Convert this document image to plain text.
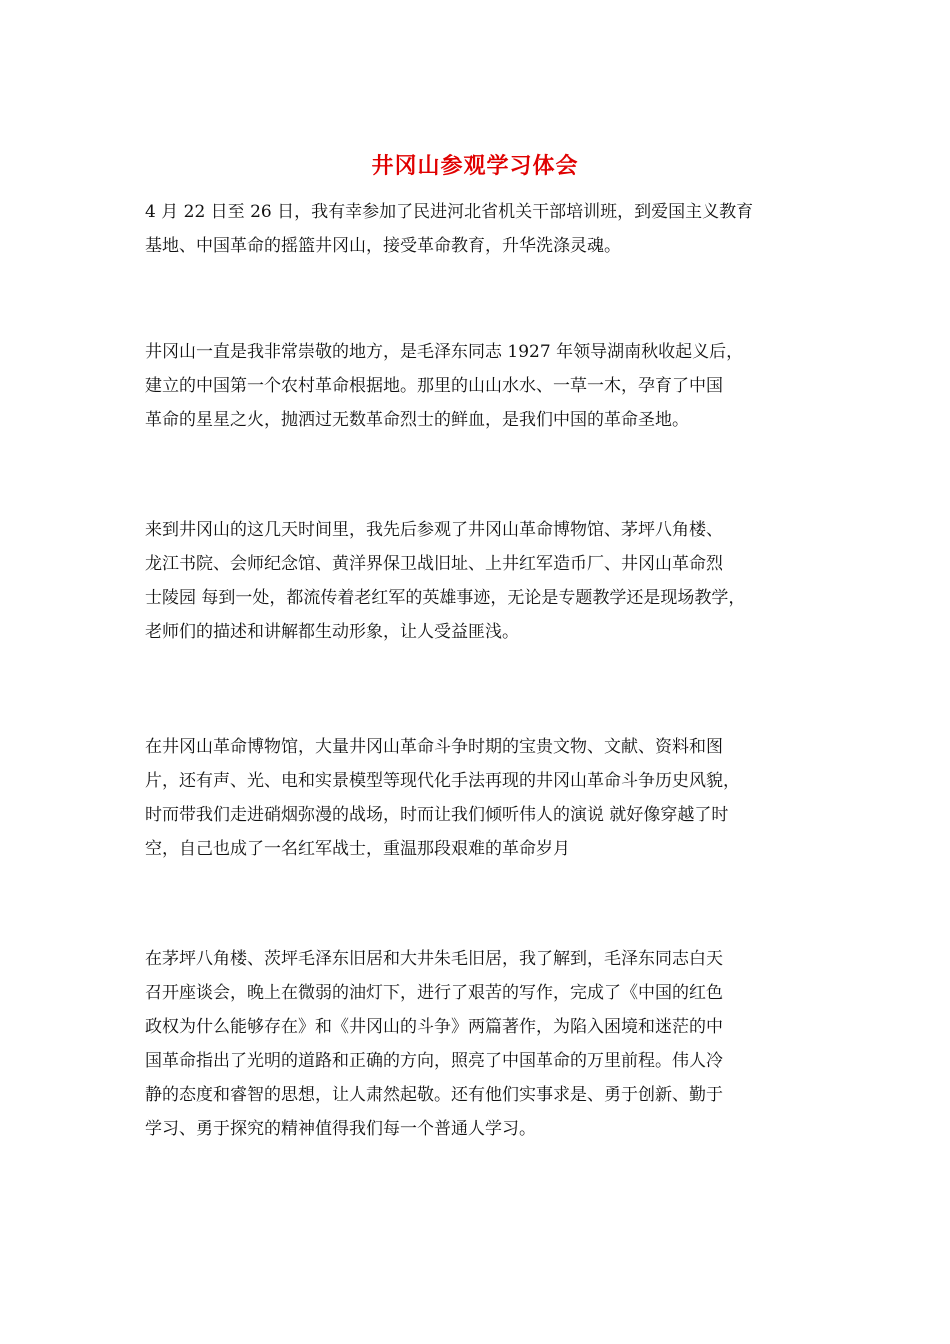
井冈山参观学习体会
4 月 22 日至 26 日，我有幸参加了民进河北省机关干部培训班，到爱国主义教育
基地、中国革命的摇篮井冈山，接受革命教育，升华洗涤灵魂。
井冈山一直是我非常崇敬的地方，是毛泽东同志 1927 年领导湖南秋收起义后，
建立的中国第一个农村革命根据地。那里的山山水水、一草一木，孕育了中国
革命的星星之火，抛洒过无数革命烈士的鲜血，是我们中国的革命圣地。
来到井冈山的这几天时间里，我先后参观了井冈山革命博物馆、茅坪八角楼、
龙江书院、会师纪念馆、黄洋界保卫战旧址、上井红军造币厂、井冈山革命烈
士陵园 每到一处，都流传着老红军的英雄事迹，无论是专题教学还是现场教学，
老师们的描述和讲解都生动形象，让人受益匪浅。
在井冈山革命博物馆，大量井冈山革命斗争时期的宝贵文物、文献、资料和图
片，还有声、光、电和实景模型等现代化手法再现的井冈山革命斗争历史风貌，
时而带我们走进硝烟弥漫的战场，时而让我们倾听伟人的演说 就好像穿越了时
空，自己也成了一名红军战士，重温那段艰难的革命岁月
在茅坪八角楼、茨坪毛泽东旧居和大井朱毛旧居，我了解到，毛泽东同志白天
召开座谈会，晚上在微弱的油灯下，进行了艰苦的写作，完成了《中国的红色
政权为什么能够存在》和《井冈山的斗争》两篇著作，为陷入困境和迷茫的中
国革命指出了光明的道路和正确的方向，照亮了中国革命的万里前程。伟人冷
静的态度和睿智的思想，让人肃然起敬。还有他们实事求是、勇于创新、勤于
学习、勇于探究的精神值得我们每一个普通人学习。
